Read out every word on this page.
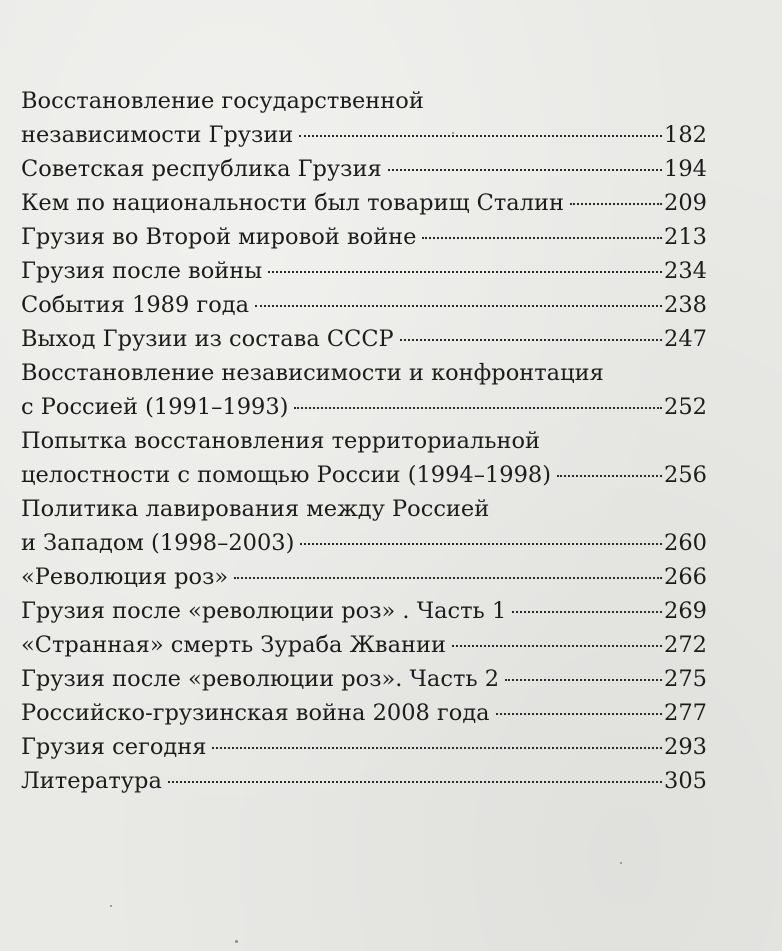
Восстановление государственной
независимости Грузии	182
Советская республика Грузия	194
Кем по национальности был товарищ Сталин	209
Грузия во Второй мировой войне	213
Грузия после войны	234
События 1989 года	238
Выход Грузии из состава СССР	247
Восстановление независимости и конфронтация
с Россией (1991–1993)	252
Попытка восстановления территориальной
целостности с помощью России (1994–1998)	256
Политика лавирования между Россией
и Западом (1998–2003)	260
«Революция роз»	266
Грузия после «революции роз» . Часть 1	269
«Странная» смерть Зураба Жвании	272
Грузия после «революции роз». Часть 2	275
Российско-грузинская война 2008 года	277
Грузия сегодня	293
Литература	305
